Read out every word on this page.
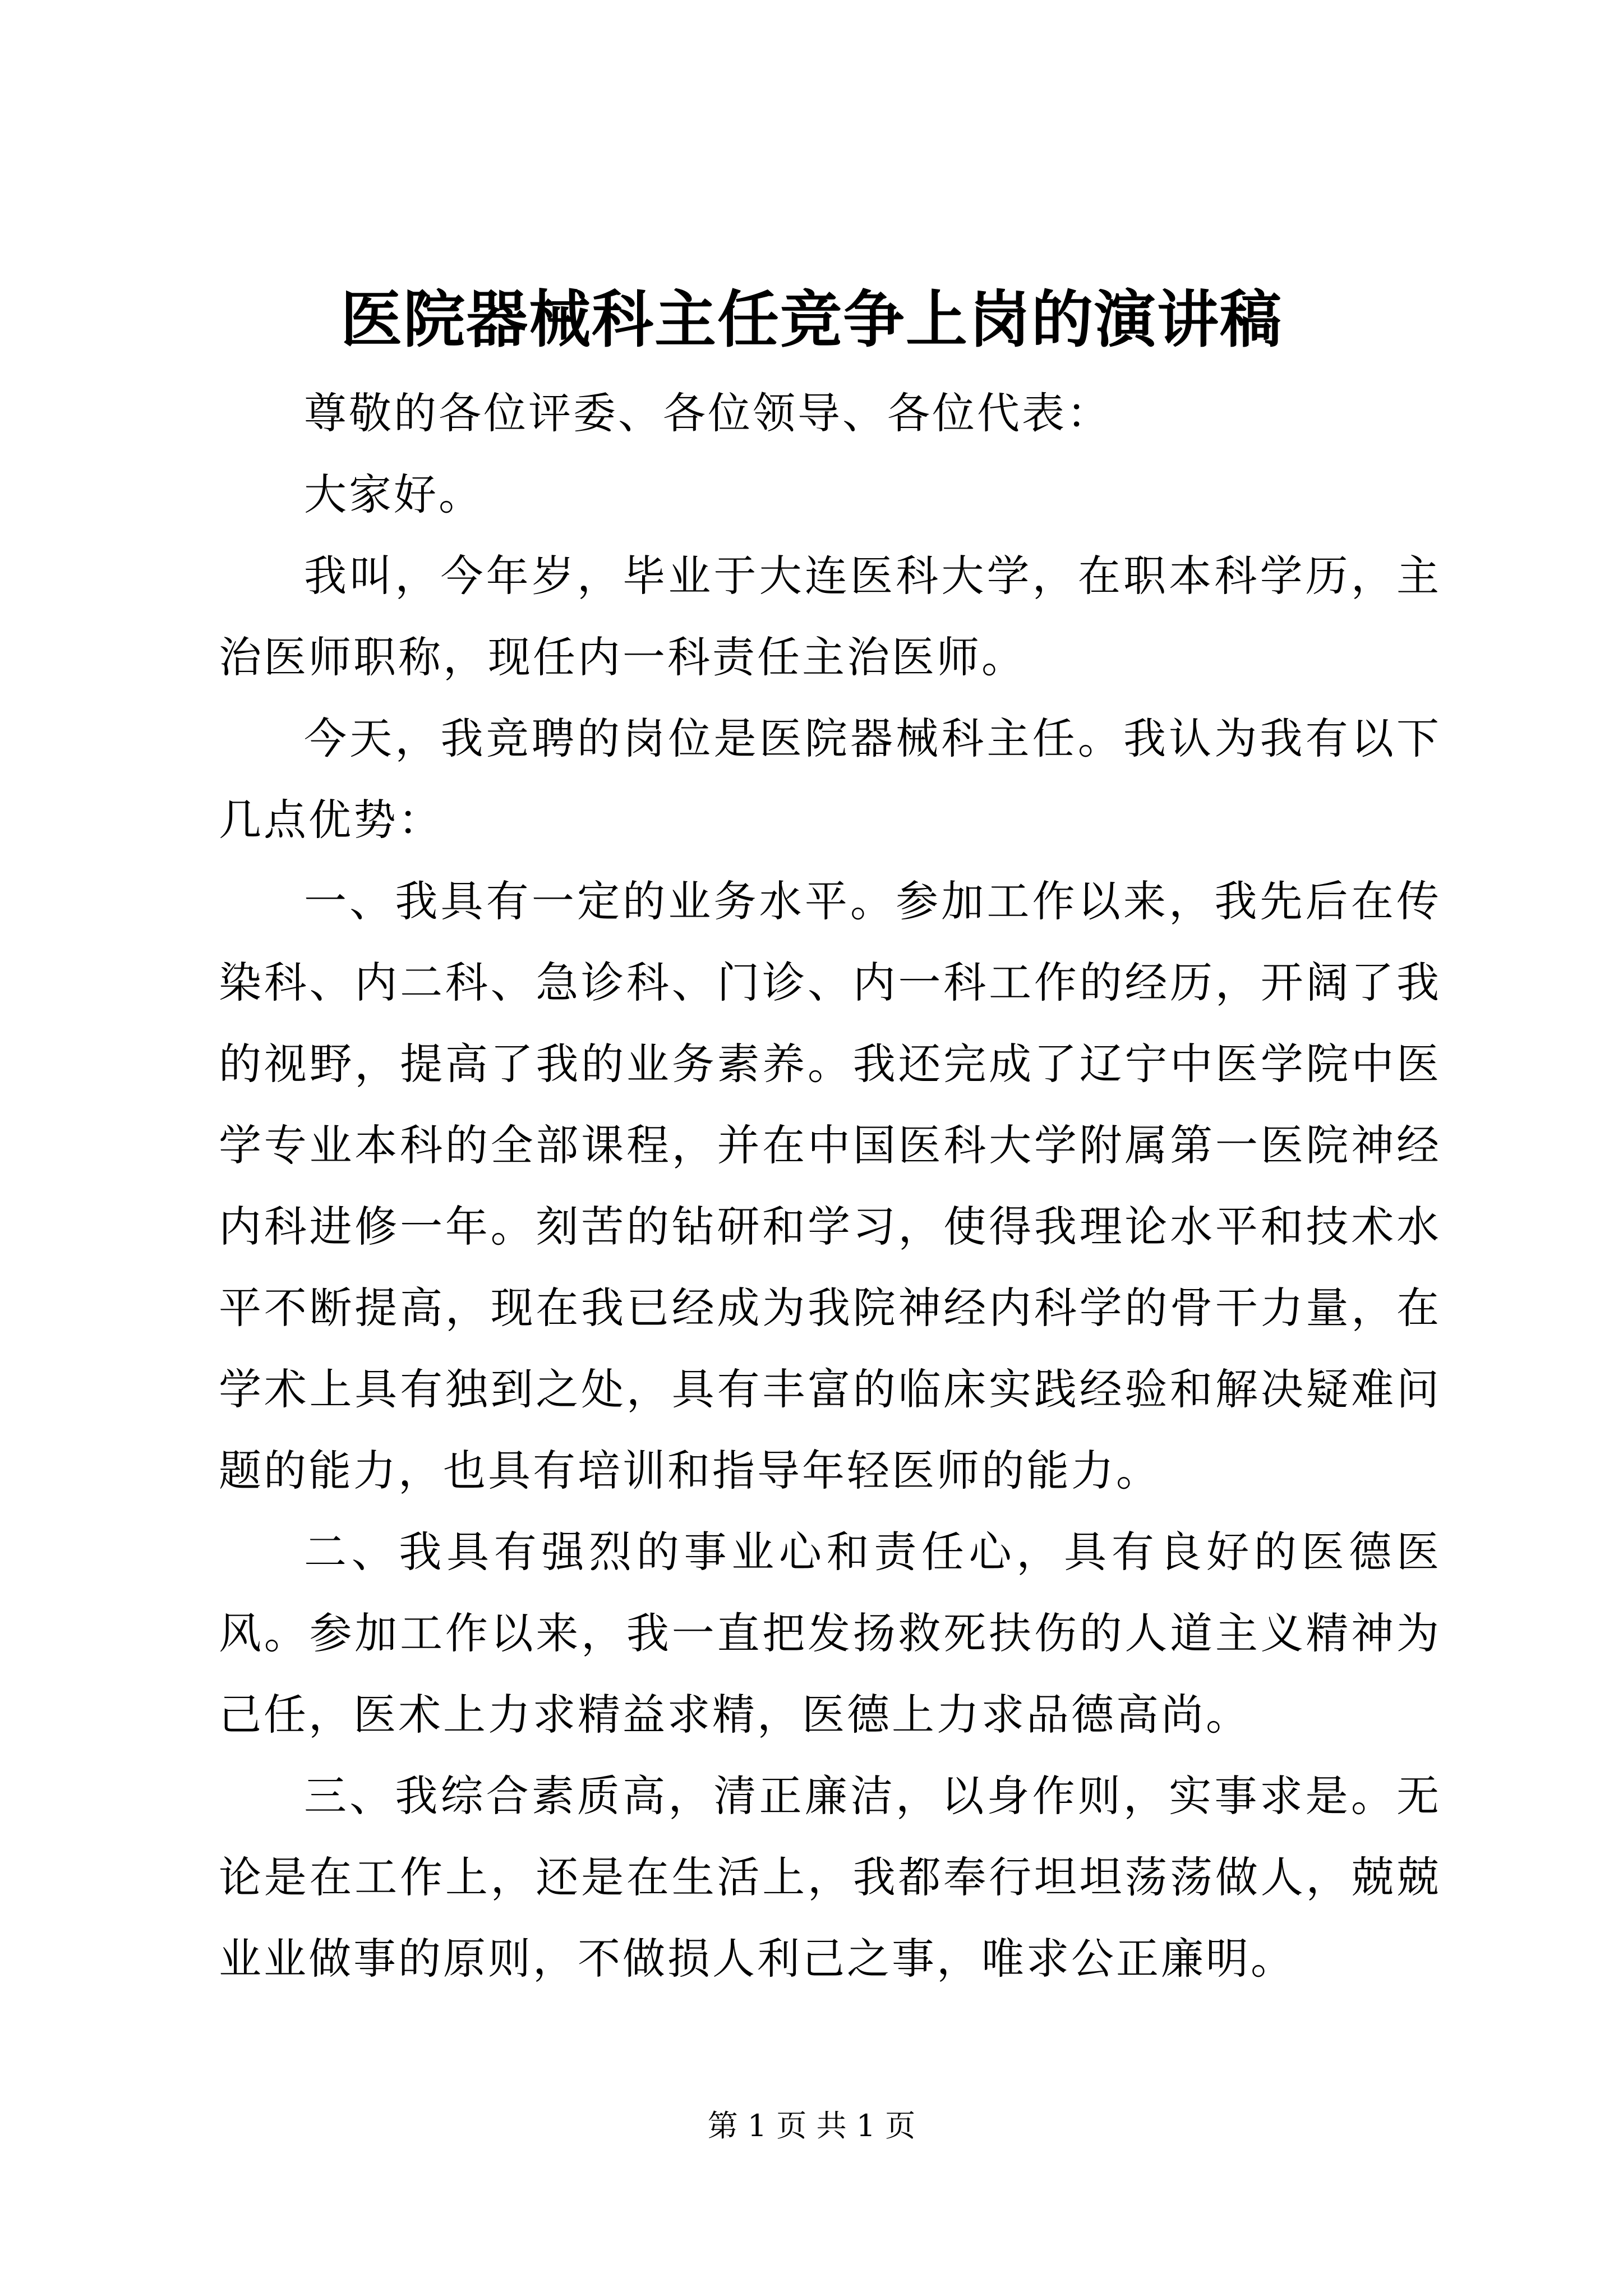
医院器械科主任竞争上岗的演讲稿

尊敬的各位评委、各位领导、各位代表：

大家好。

我叫，今年岁，毕业于大连医科大学，在职本科学历，主治医师职称，现任内一科责任主治医师。

今天，我竞聘的岗位是医院器械科主任。我认为我有以下几点优势：

一、我具有一定的业务水平。参加工作以来，我先后在传染科、内二科、急诊科、门诊、内一科工作的经历，开阔了我的视野，提高了我的业务素养。我还完成了辽宁中医学院中医学专业本科的全部课程，并在中国医科大学附属第一医院神经内科进修一年。刻苦的钻研和学习，使得我理论水平和技术水平不断提高，现在我已经成为我院神经内科学的骨干力量，在学术上具有独到之处，具有丰富的临床实践经验和解决疑难问题的能力，也具有培训和指导年轻医师的能力。

二、我具有强烈的事业心和责任心，具有良好的医德医风。参加工作以来，我一直把发扬救死扶伤的人道主义精神为己任，医术上力求精益求精，医德上力求品德高尚。

三、我综合素质高，清正廉洁，以身作则，实事求是。无论是在工作上，还是在生活上，我都奉行坦坦荡荡做人，兢兢业业做事的原则，不做损人利己之事，唯求公正廉明。

第 1 页 共 1 页
